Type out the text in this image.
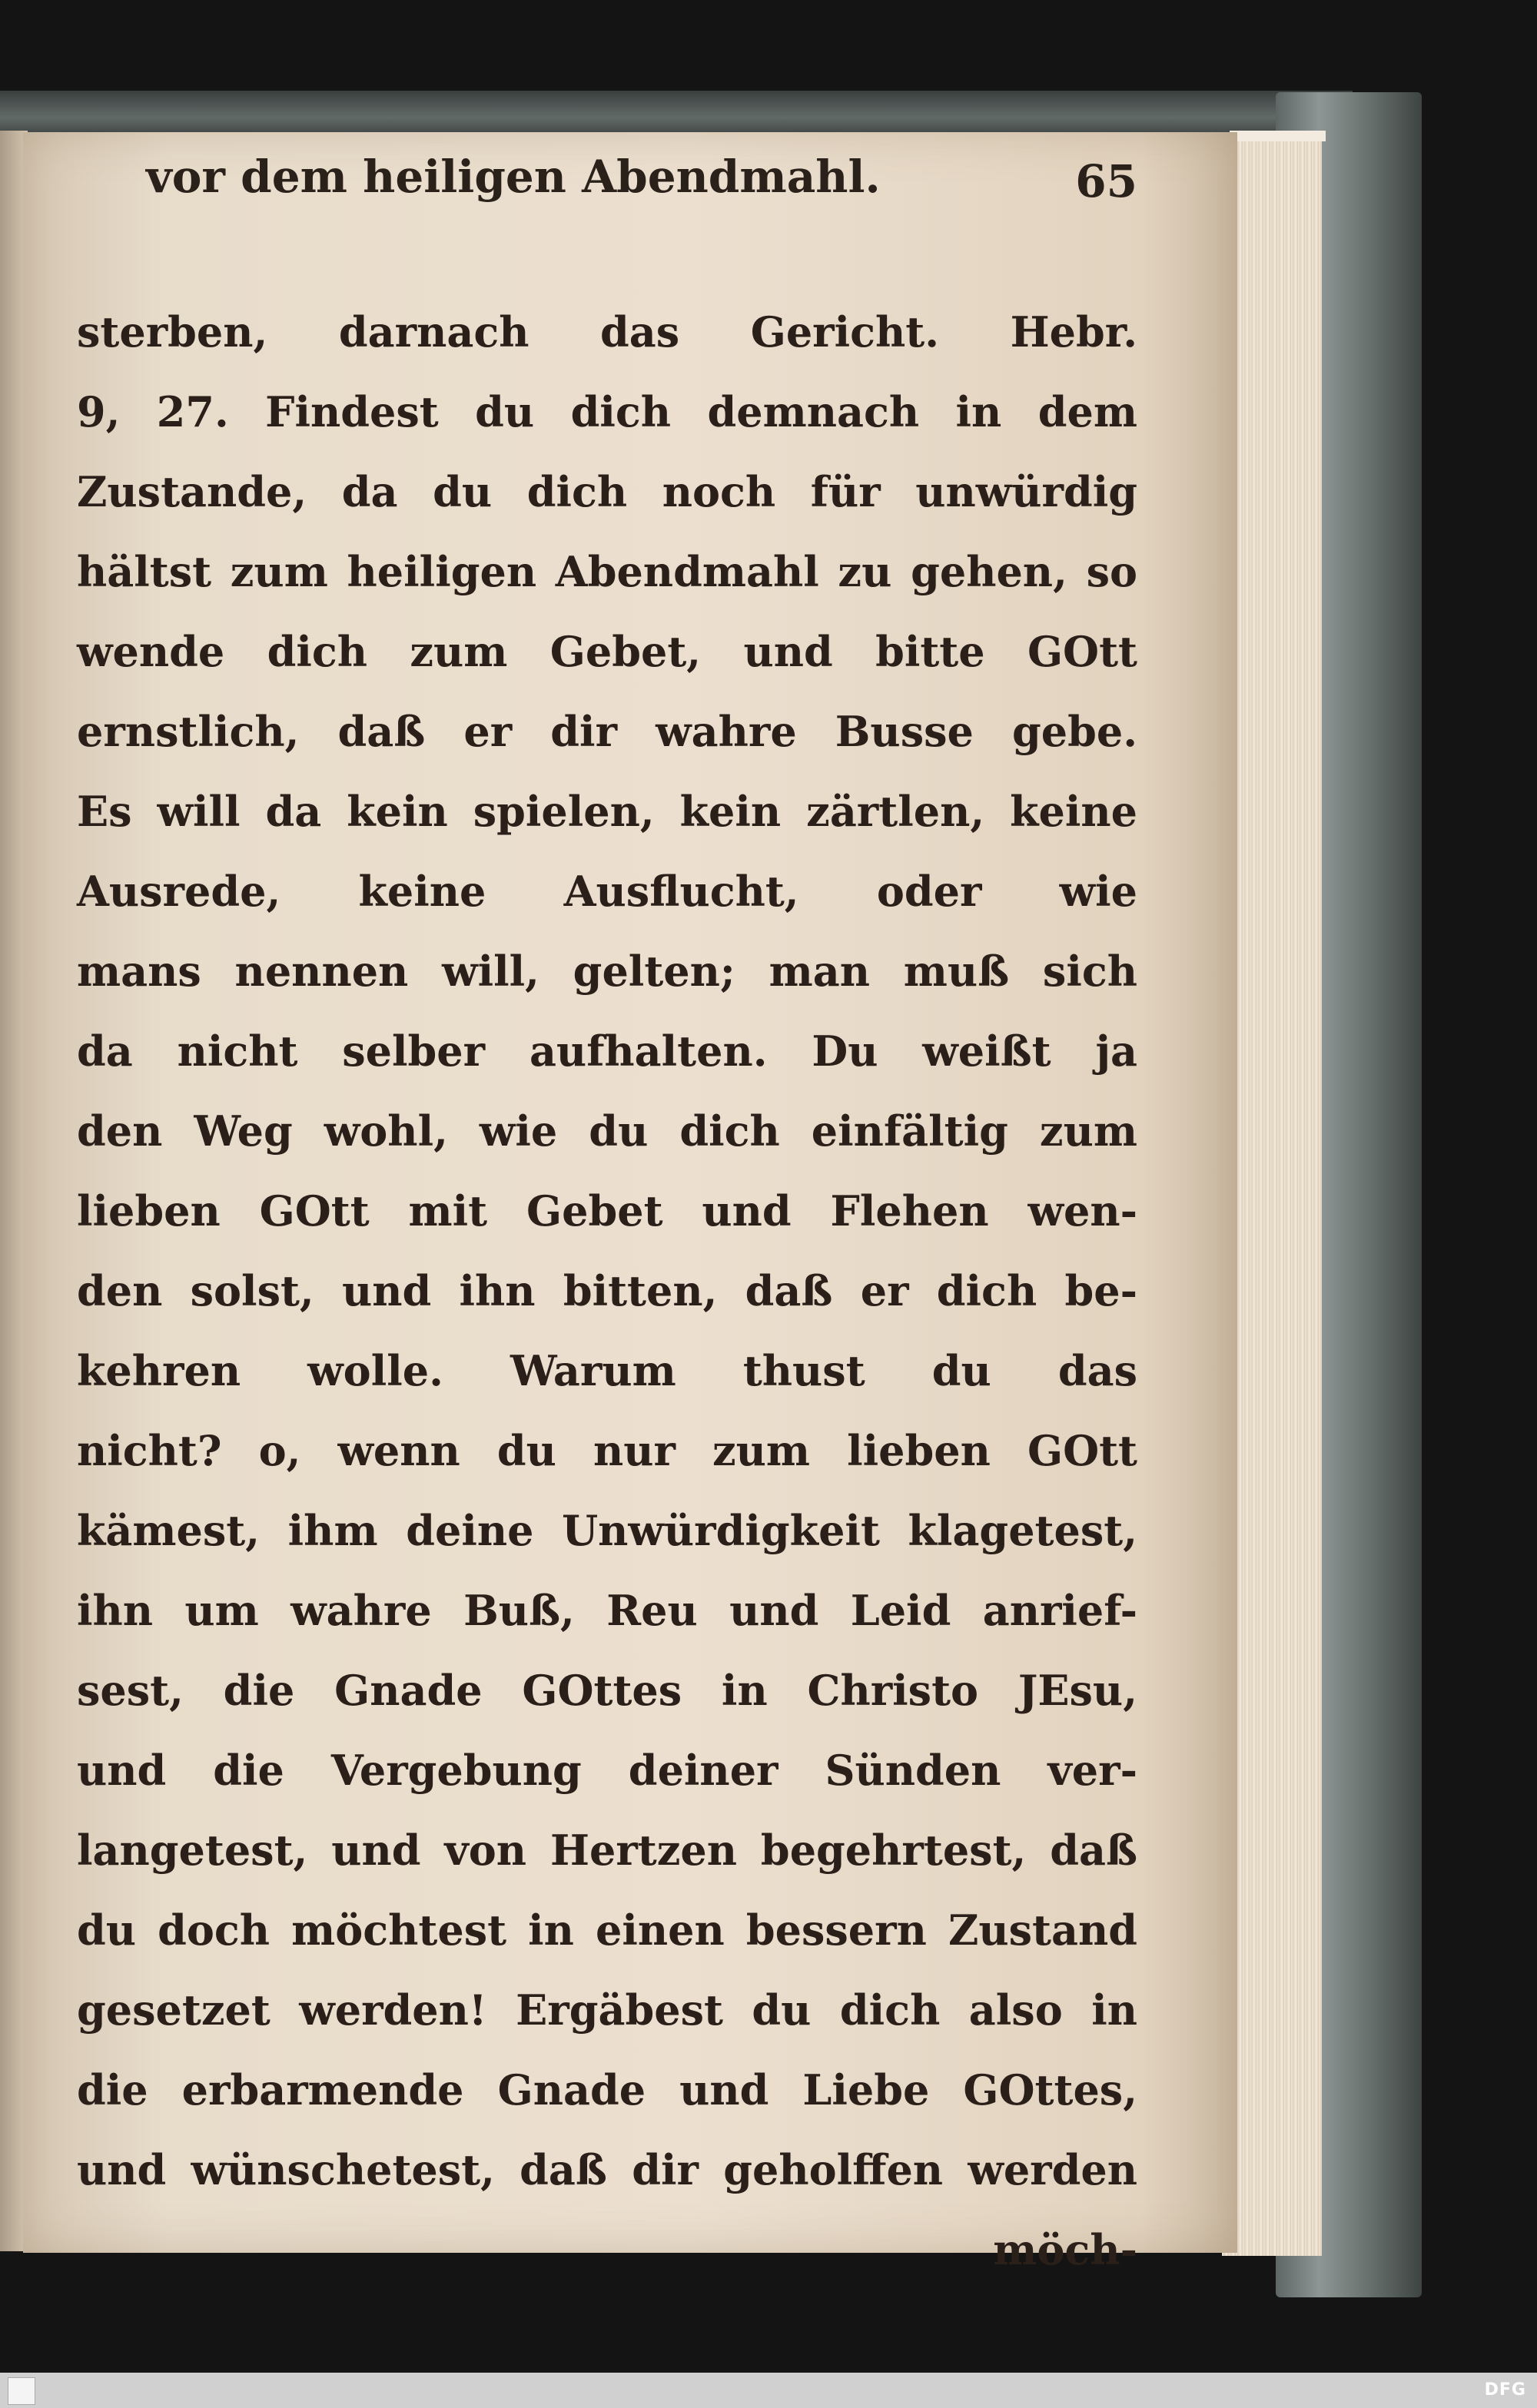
vor dem heiligen Abendmahl.	65
sterben, darnach das Gericht. Hebr.
9, 27. Findest du dich demnach in dem
Zustande, da du dich noch für unwürdig
hältst zum heiligen Abendmahl zu gehen, so
wende dich zum Gebet, und bitte GOtt
ernstlich, daß er dir wahre Busse gebe.
Es will da kein spielen, kein zärtlen, keine
Ausrede, keine Ausflucht, oder wie
mans nennen will, gelten; man muß sich
da nicht selber aufhalten. Du weißt ja
den Weg wohl, wie du dich einfältig zum
lieben GOtt mit Gebet und Flehen wen-
den solst, und ihn bitten, daß er dich be-
kehren wolle. Warum thust du das
nicht? o, wenn du nur zum lieben GOtt
kämest, ihm deine Unwürdigkeit klagetest,
ihn um wahre Buß, Reu und Leid anrief-
sest, die Gnade GOttes in Christo JEsu,
und die Vergebung deiner Sünden ver-
langetest, und von Hertzen begehrtest, daß
du doch möchtest in einen bessern Zustand
gesetzet werden! Ergäbest du dich also in
die erbarmende Gnade und Liebe GOttes,
und wünschetest, daß dir geholffen werden
möch-
DFG
